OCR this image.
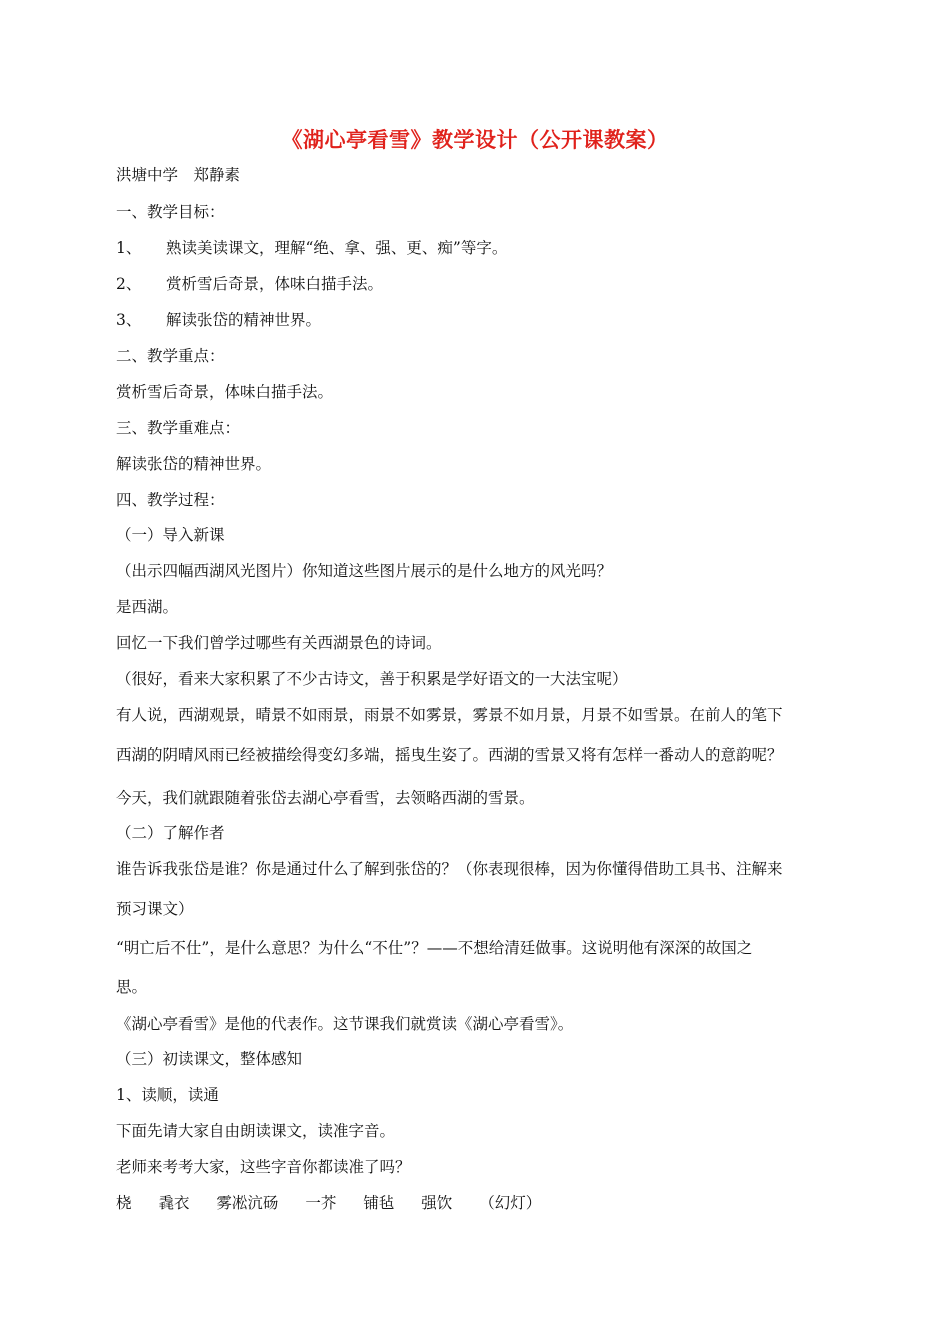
《湖心亭看雪》教学设计（公开课教案）

洪塘中学　郑静素

一、教学目标：

1、 熟读美读课文，理解“绝、拿、强、更、痴”等字。

2、 赏析雪后奇景，体味白描手法。

3、 解读张岱的精神世界。

二、教学重点：

赏析雪后奇景，体味白描手法。

三、教学重难点：

解读张岱的精神世界。

四、教学过程：

（一）导入新课

（出示四幅西湖风光图片）你知道这些图片展示的是什么地方的风光吗？

是西湖。

回忆一下我们曾学过哪些有关西湖景色的诗词。

（很好，看来大家积累了不少古诗文，善于积累是学好语文的一大法宝呢）

有人说，西湖观景，晴景不如雨景，雨景不如雾景，雾景不如月景，月景不如雪景。在前人的笔下

西湖的阴晴风雨已经被描绘得变幻多端，摇曳生姿了。西湖的雪景又将有怎样一番动人的意韵呢？

今天，我们就跟随着张岱去湖心亭看雪，去领略西湖的雪景。

（二）了解作者

谁告诉我张岱是谁？你是通过什么了解到张岱的？（你表现很棒，因为你懂得借助工具书、注解来

预习课文）

“明亡后不仕”，是什么意思？为什么“不仕”？——不想给清廷做事。这说明他有深深的故国之

思。

《湖心亭看雪》是他的代表作。这节课我们就赏读《湖心亭看雪》。

（三）初读课文，整体感知

1、读顺，读通

下面先请大家自由朗读课文，读准字音。

老师来考考大家，这些字音你都读准了吗？

桡 毳衣 雾凇沆砀 一芥 铺毡 强饮 （幻灯）
